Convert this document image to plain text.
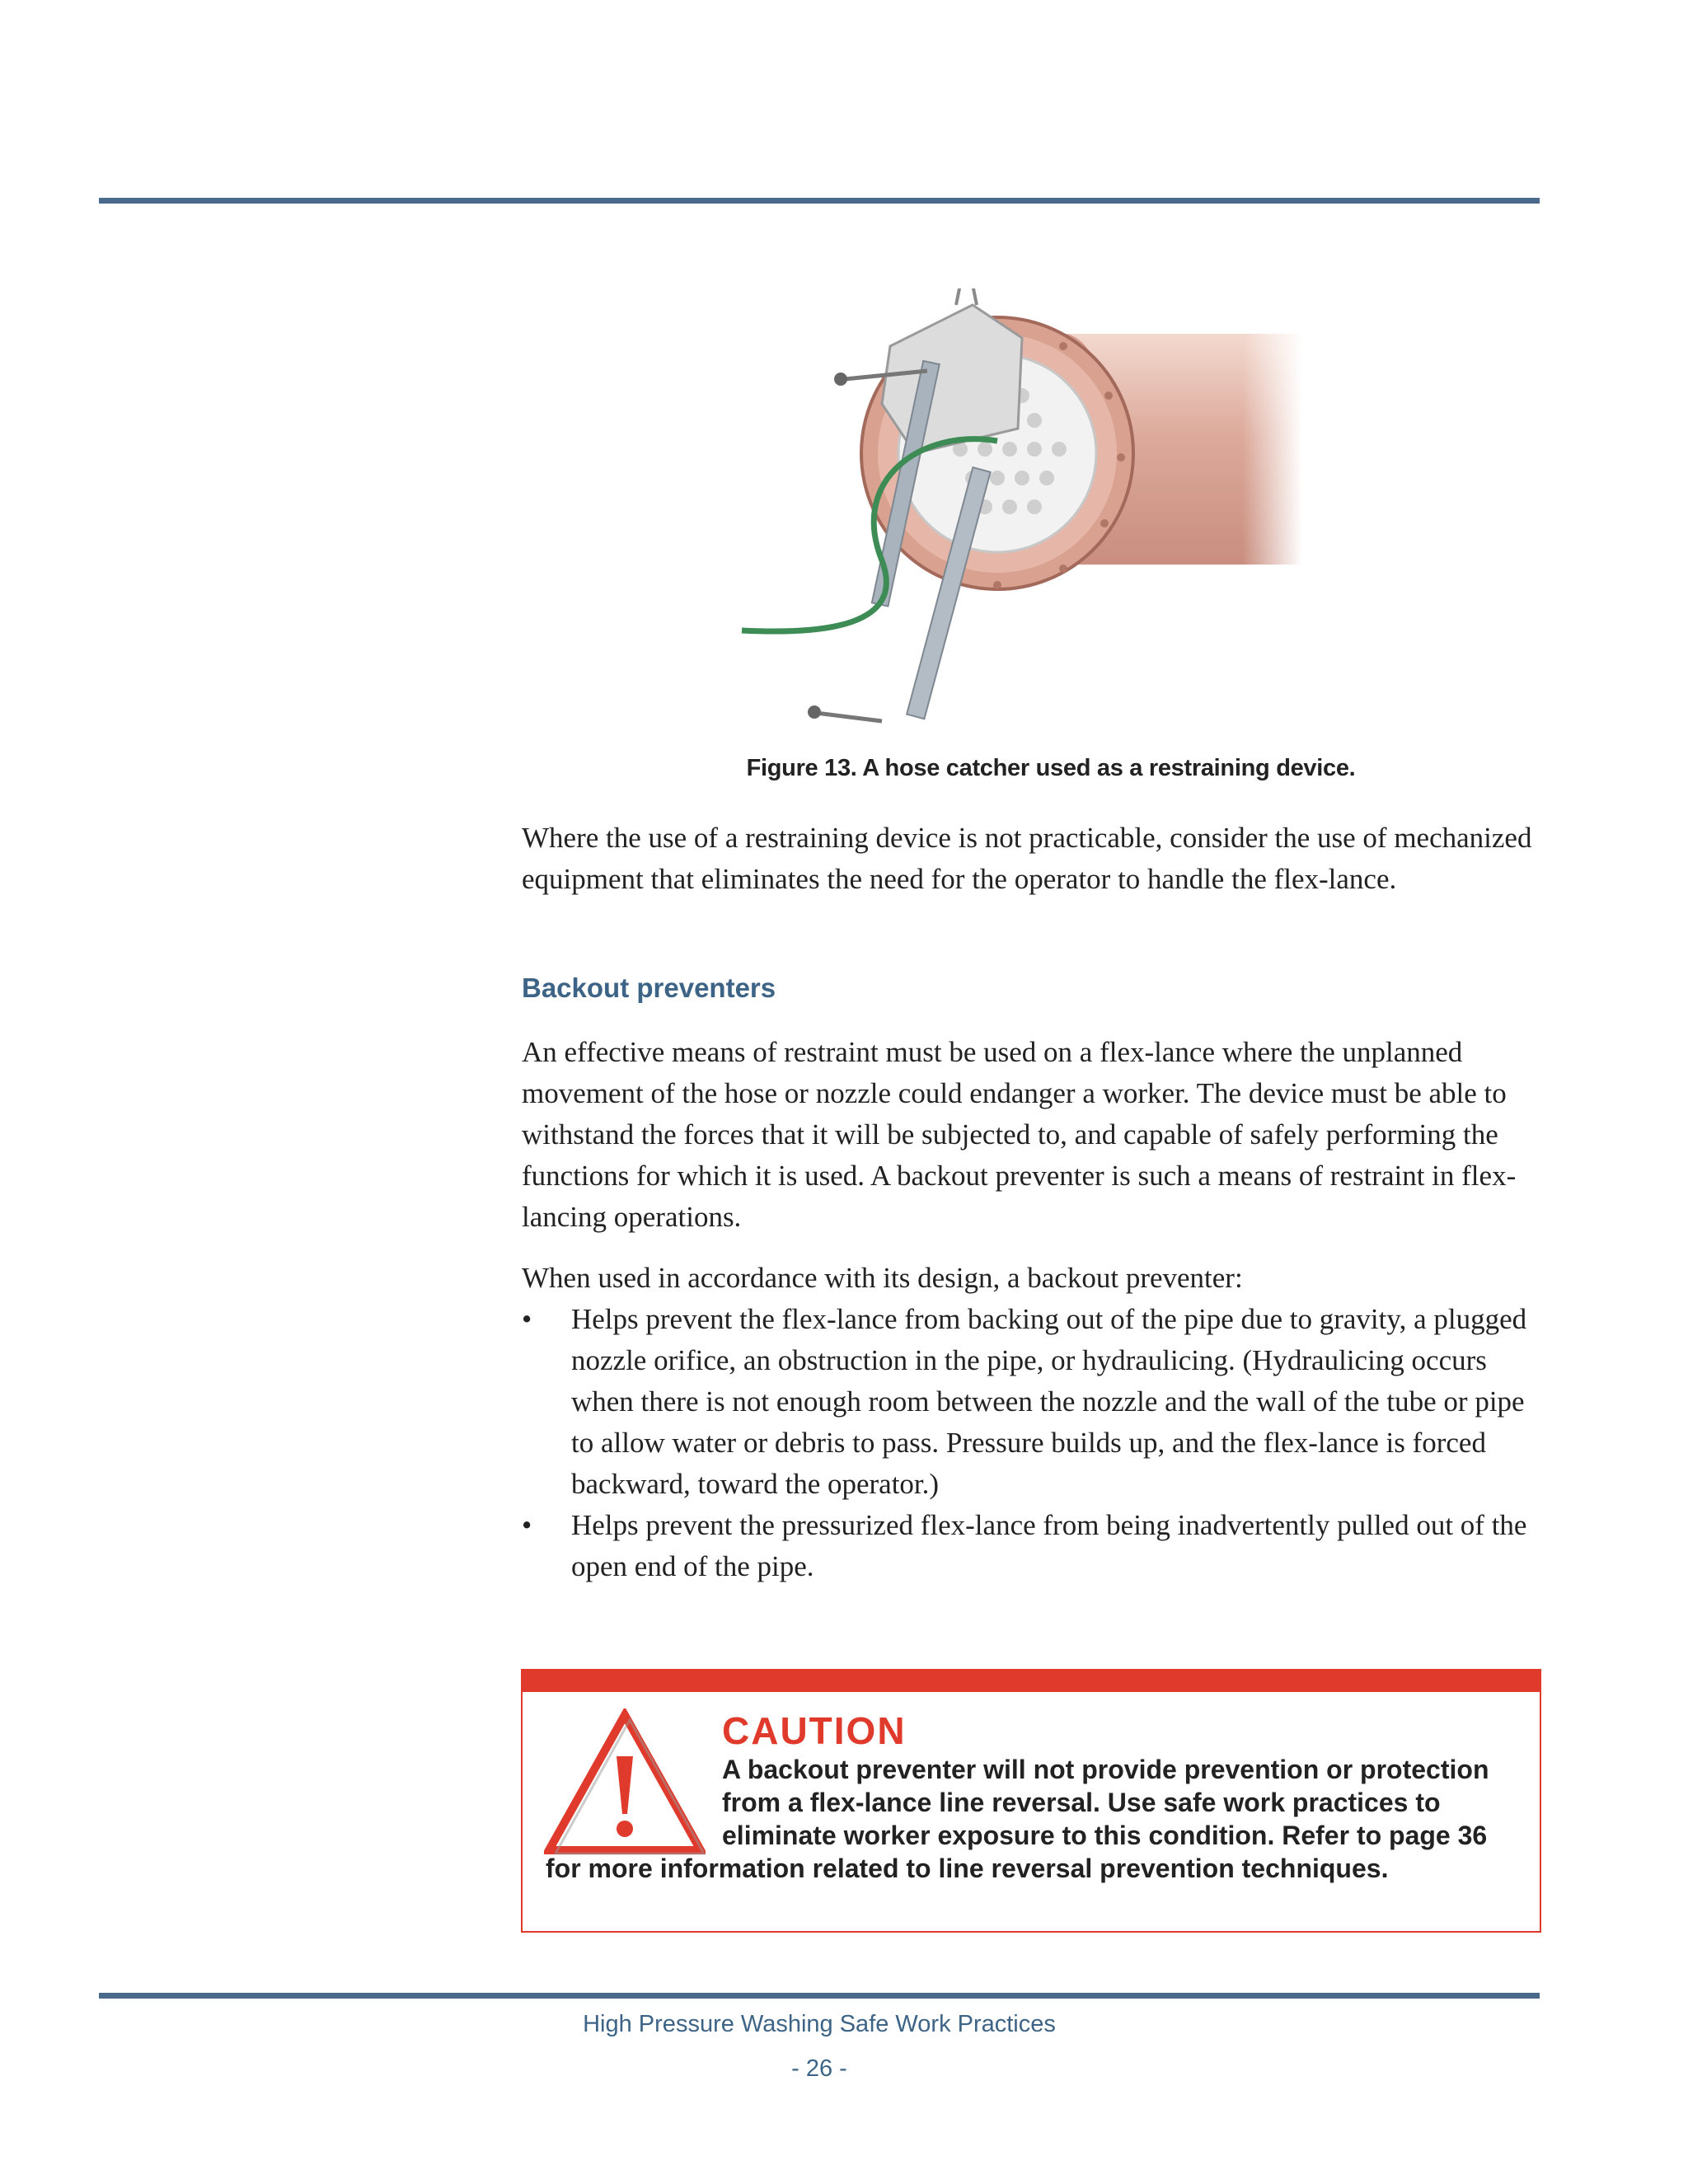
Figure 13. A hose catcher used as a restraining device.

Where the use of a restraining device is not practicable, consider the use of mechanized equipment that eliminates the need for the operator to handle the flex-lance.

Backout preventers

An effective means of restraint must be used on a flex-lance where the unplanned movement of the hose or nozzle could endanger a worker. The device must be able to withstand the forces that it will be subjected to, and capable of safely performing the functions for which it is used. A backout preventer is such a means of restraint in flex-lancing operations.

When used in accordance with its design, a backout preventer:

• Helps prevent the flex-lance from backing out of the pipe due to gravity, a plugged nozzle orifice, an obstruction in the pipe, or hydraulicing. (Hydraulicing occurs when there is not enough room between the nozzle and the wall of the tube or pipe to allow water or debris to pass. Pressure builds up, and the flex-lance is forced backward, toward the operator.)
• Helps prevent the pressurized flex-lance from being inadvertently pulled out of the open end of the pipe.
CAUTION
A backout preventer will not provide prevention or protection
from a flex-lance line reversal. Use safe work practices to
eliminate worker exposure to this condition. Refer to page 36
for more information related to line reversal prevention techniques.
High Pressure Washing Safe Work Practices
- 26 -
